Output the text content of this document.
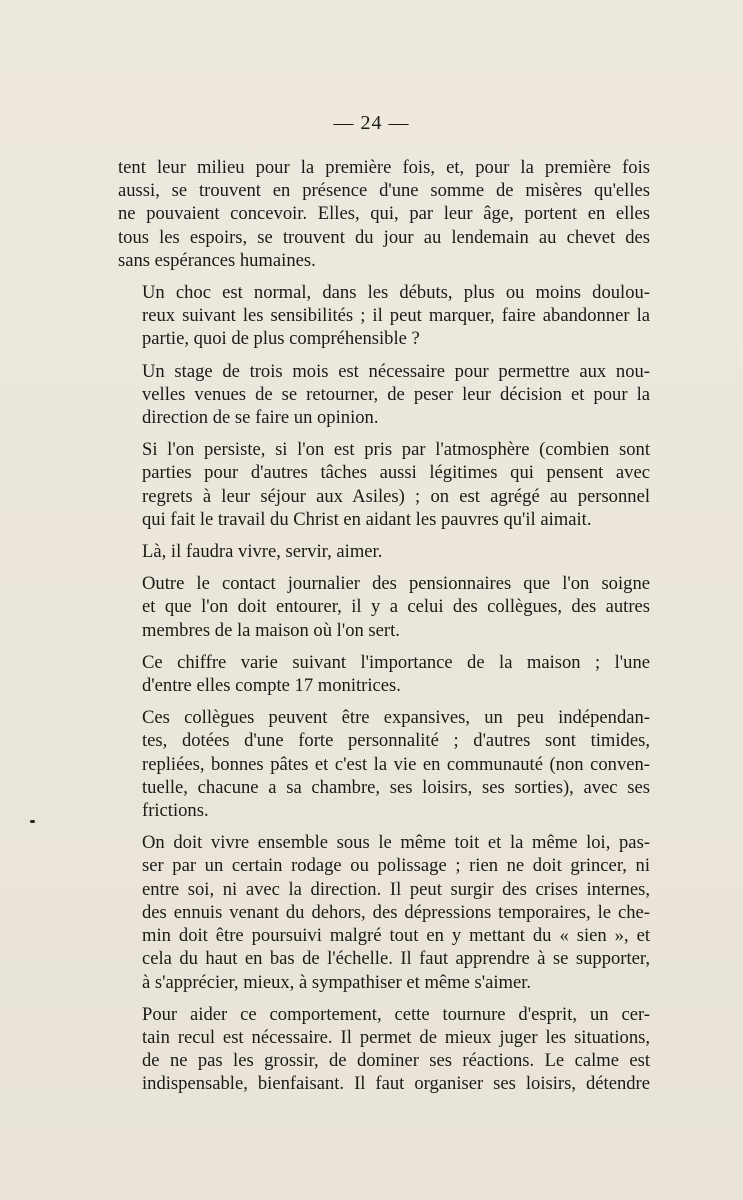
— 24 —

tent leur milieu pour la première fois, et, pour la première fois
aussi, se trouvent en présence d'une somme de misères qu'elles
ne pouvaient concevoir. Elles, qui, par leur âge, portent en elles
tous les espoirs, se trouvent du jour au lendemain au chevet des
sans espérances humaines.

Un choc est normal, dans les débuts, plus ou moins doulou-
reux suivant les sensibilités ; il peut marquer, faire abandonner la
partie, quoi de plus compréhensible ?

Un stage de trois mois est nécessaire pour permettre aux nou-
velles venues de se retourner, de peser leur décision et pour la
direction de se faire un opinion.

Si l'on persiste, si l'on est pris par l'atmosphère (combien sont
parties pour d'autres tâches aussi légitimes qui pensent avec
regrets à leur séjour aux Asiles) ; on est agrégé au personnel
qui fait le travail du Christ en aidant les pauvres qu'il aimait.

Là, il faudra vivre, servir, aimer.

Outre le contact journalier des pensionnaires que l'on soigne
et que l'on doit entourer, il y a celui des collègues, des autres
membres de la maison où l'on sert.

Ce chiffre varie suivant l'importance de la maison ; l'une
d'entre elles compte 17 monitrices.

Ces collègues peuvent être expansives, un peu indépendan-
tes, dotées d'une forte personnalité ; d'autres sont timides,
repliées, bonnes pâtes et c'est la vie en communauté (non conven-
tuelle, chacune a sa chambre, ses loisirs, ses sorties), avec ses
frictions.

On doit vivre ensemble sous le même toit et la même loi, pas-
ser par un certain rodage ou polissage ; rien ne doit grincer, ni
entre soi, ni avec la direction. Il peut surgir des crises internes,
des ennuis venant du dehors, des dépressions temporaires, le che-
min doit être poursuivi malgré tout en y mettant du « sien », et
cela du haut en bas de l'échelle. Il faut apprendre à se supporter,
à s'apprécier, mieux, à sympathiser et même s'aimer.

Pour aider ce comportement, cette tournure d'esprit, un cer-
tain recul est nécessaire. Il permet de mieux juger les situations,
de ne pas les grossir, de dominer ses réactions. Le calme est
indispensable, bienfaisant. Il faut organiser ses loisirs, détendre
